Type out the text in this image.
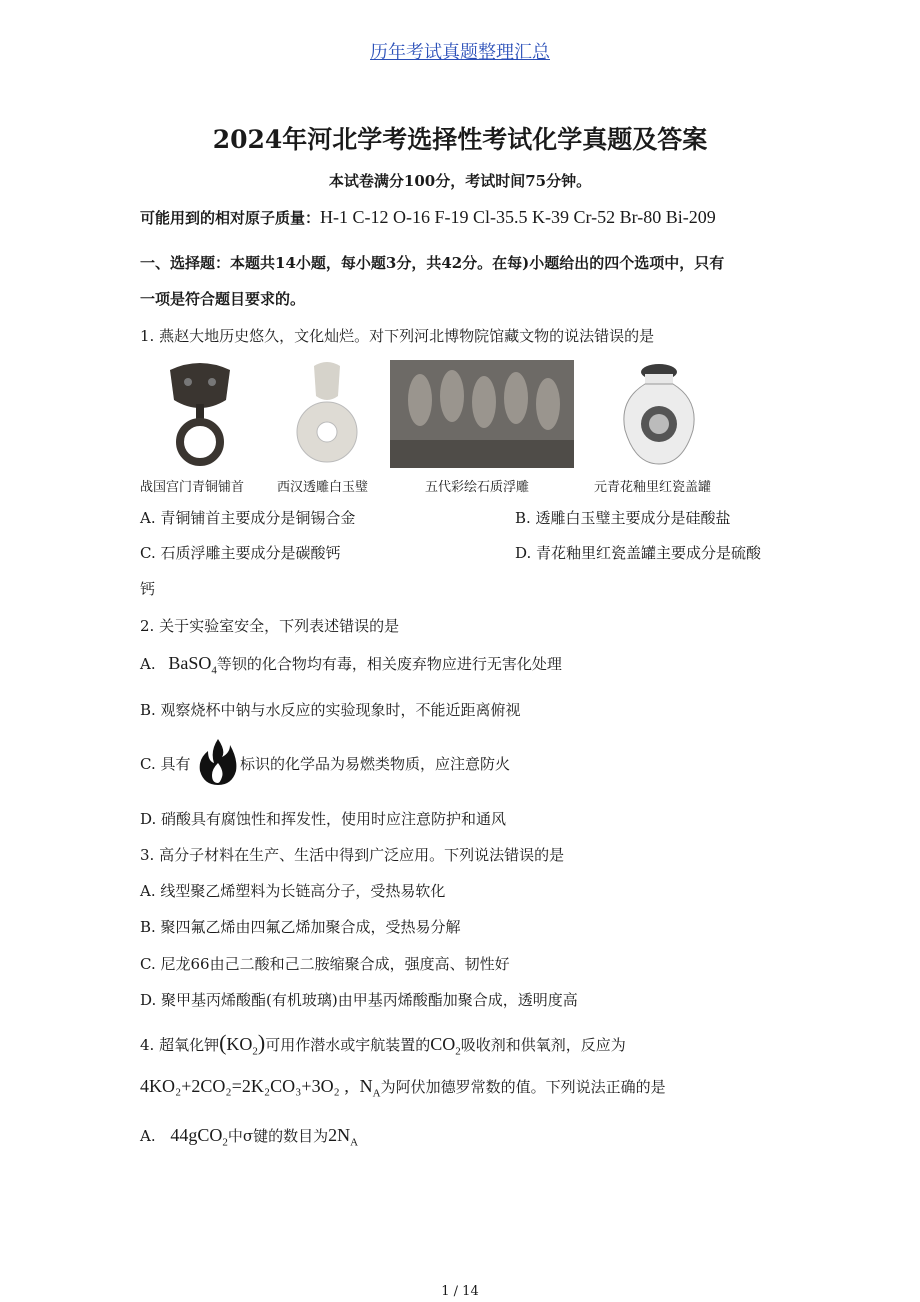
历年考试真题整理汇总
2024年河北学考选择性考试化学真题及答案
本试卷满分100分，考试时间75分钟。
可能用到的相对原子质量：H-1 C-12 O-16 F-19 Cl-35.5 K-39 Cr-52 Br-80 Bi-209
一、选择题：本题共14小题，每小题3分，共42分。在每)小题给出的四个选项中，只有
一项是符合题目要求的。
1. 燕赵大地历史悠久，文化灿烂。对下列河北博物院馆藏文物的说法错误的是
战国宫门青铜铺首	西汉透雕白玉璧	五代彩绘石质浮雕	元青花釉里红瓷盖罐
A. 青铜铺首主要成分是铜锡合金	B. 透雕白玉璧主要成分是硅酸盐
C. 石质浮雕主要成分是碳酸钙	D. 青花釉里红瓷盖罐主要成分是硫酸
钙
2. 关于实验室安全，下列表述错误的是
A. BaSO$_4$等钡的化合物均有毒，相关废弃物应进行无害化处理
B. 观察烧杯中钠与水反应的实验现象时，不能近距离俯视
C. 具有	标识的化学品为易燃类物质，应注意防火
D. 硝酸具有腐蚀性和挥发性，使用时应注意防护和通风
3. 高分子材料在生产、生活中得到广泛应用。下列说法错误的是
A. 线型聚乙烯塑料为长链高分子，受热易软化
B. 聚四氟乙烯由四氟乙烯加聚合成，受热易分解
C. 尼龙66由己二酸和己二胺缩聚合成，强度高、韧性好
D. 聚甲基丙烯酸酯(有机玻璃)由甲基丙烯酸酯加聚合成，透明度高
4. 超氧化钾$(KO_2)$可用作潜水或宇航装置的$CO_2$吸收剂和供氧剂，反应为
4KO₂+2CO₂=2K₂CO₃+3O₂ , $N_A$为阿伏加德罗常数的值。下列说法正确的是
A. 44gCO$_2$中σ键的数目为$2N_A$
1 / 14
